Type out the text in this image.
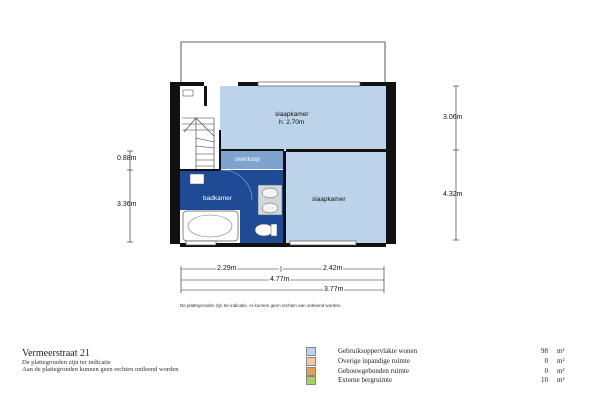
slaapkamer
h: 2.70m
slaapkamer
overloop
badkamer
0.88m
3.36m
3.06m
4.32m
2.29m	2.42m
4.77m
3.77m
De plattegronden zijn ter indicatie, er kunnen geen rechten aan ontleend worden.
Vermeerstraat 21
De plattegronden zijn ter indicatie
Aan de plattegronden kunnen geen rechten ontleend worden
Gebruiksoppervlakte wonen	98 m²
Overige inpandige ruimte	0 m²
Gebouwgebonden ruimte	0 m²
Externe bergruimte	10 m²
